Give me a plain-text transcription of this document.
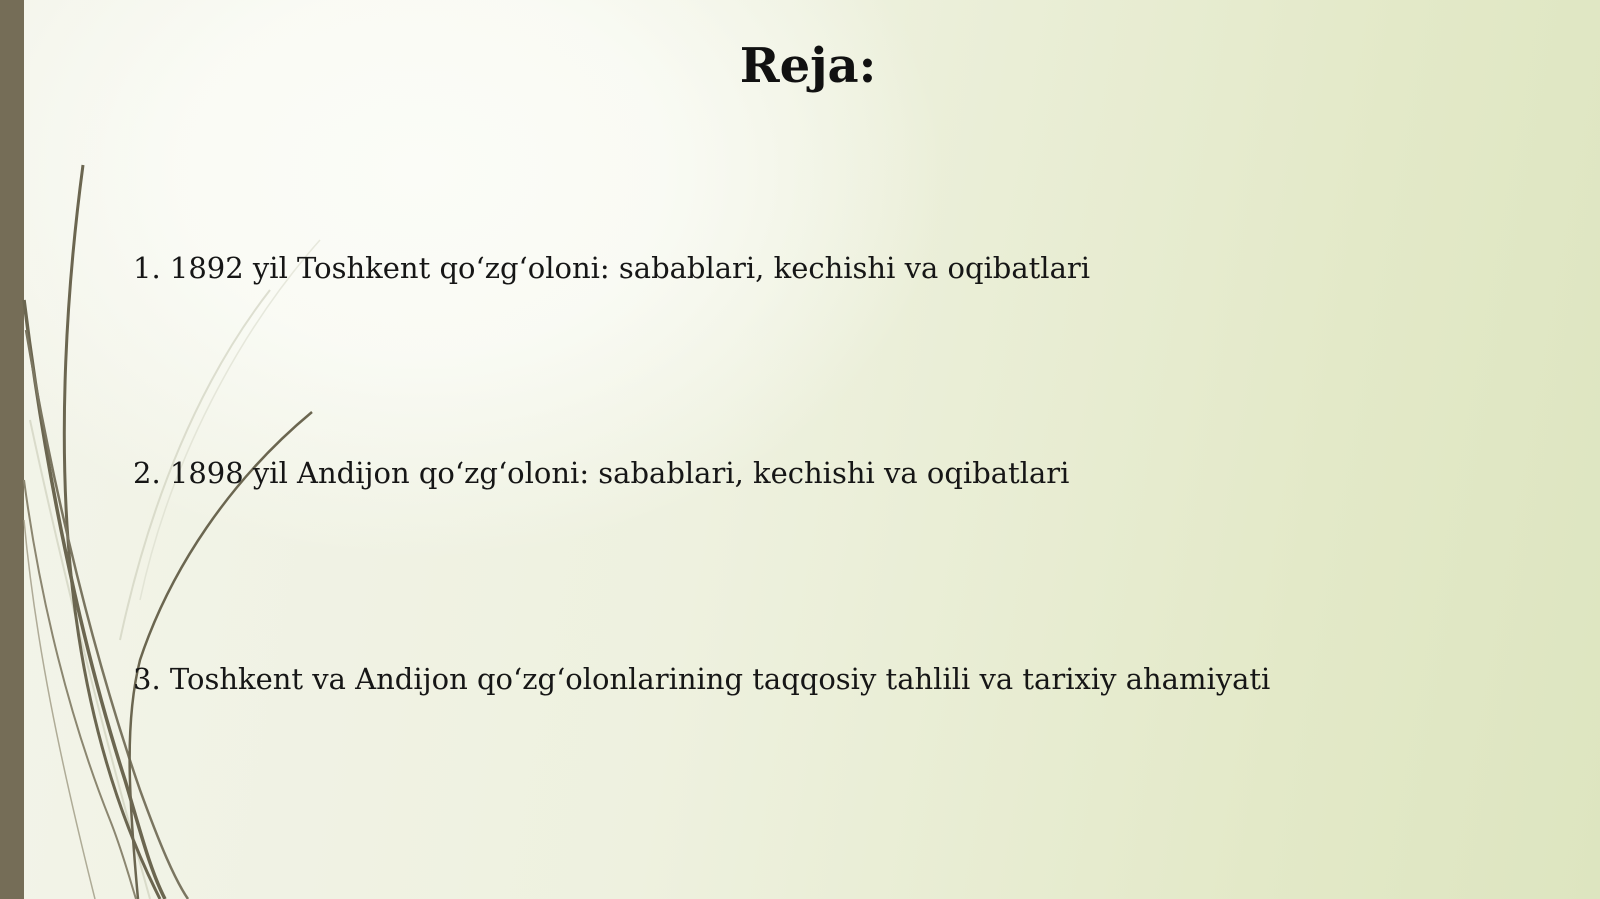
Reja:
1. 1892 yil Toshkent qo‘zg‘oloni: sabablari, kechishi va oqibatlari
2. 1898 yil Andijon qo‘zg‘oloni: sabablari, kechishi va oqibatlari
3. Toshkent va Andijon qo‘zg‘olonlarining taqqosiy tahlili va tarixiy ahamiyati
